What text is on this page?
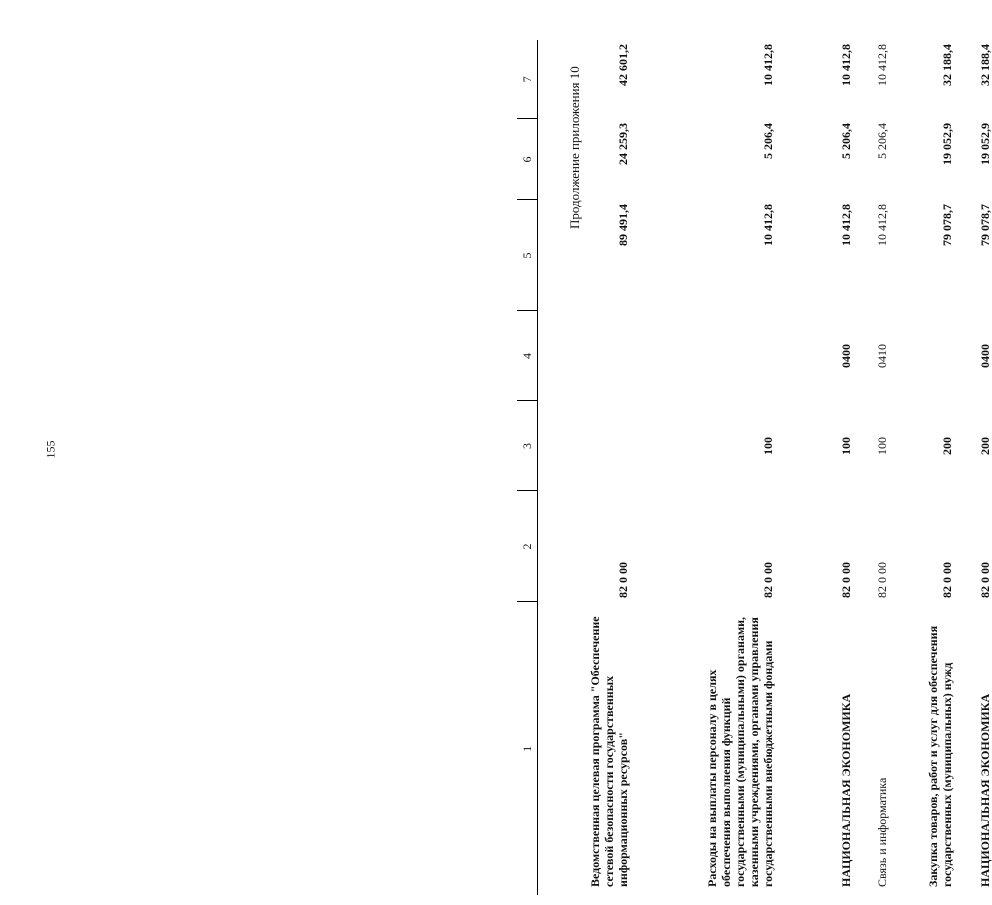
155
Продолжение приложения 10
1	2	3	4	5	6	7
Ведомственная целевая программа "Обеспечение сетевой безопасности государственных информационных ресурсов"	82 0 00			89 491,4	24 259,3	42 601,2
Расходы на выплаты персоналу в целях обеспечения выполнения функций государственными (муниципальными) органами, казенными учреждениями, органами управления государственными внебюджетными фондами	82 0 00	100		10 412,8	5 206,4	10 412,8
НАЦИОНАЛЬНАЯ ЭКОНОМИКА	82 0 00	100	0400	10 412,8	5 206,4	10 412,8
Связь и информатика	82 0 00	100	0410	10 412,8	5 206,4	10 412,8
Закупка товаров, работ и услуг для обеспечения государственных (муниципальных) нужд	82 0 00	200		79 078,7	19 052,9	32 188,4
НАЦИОНАЛЬНАЯ ЭКОНОМИКА	82 0 00	200	0400	79 078,7	19 052,9	32 188,4
